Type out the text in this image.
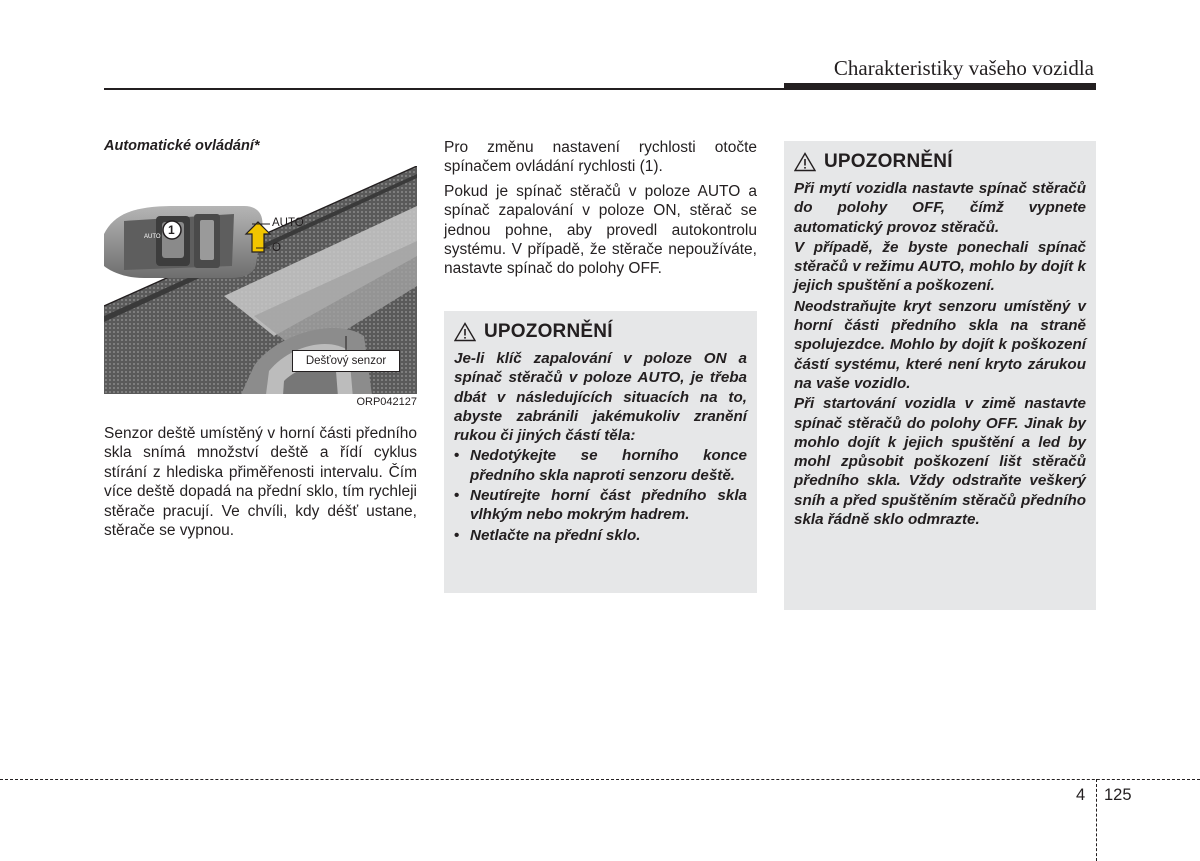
Charakteristiky vašeho vozidla
Automatické ovládání*
AUTO 1	AUTO
O
Dešťový senzor
ORP042127

Senzor deště umístěný v horní části předního skla snímá množství deště a řídí cyklus stírání z hlediska přiměřenosti intervalu. Čím více deště dopadá na přední sklo, tím rychleji stěrače pracují. Ve chvíli, kdy déšť ustane, stěrače se vypnou.

Pro změnu nastavení rychlosti otočte spínačem ovládání rychlosti (1).

Pokud je spínač stěračů v poloze AUTO a spínač zapalování v poloze ON, stěrač se jednou pohne, aby provedl autokontrolu systému. V případě, že stěrače nepoužíváte, nastavte spínač do polohy OFF.

UPOZORNĚNÍ

Je-li klíč zapalování v poloze ON a spínač stěračů v poloze AUTO, je třeba dbát v následujících situacích na to, abyste zabránili jakémukoliv zranění rukou či jiných částí těla:

• Nedotýkejte se horního konce předního skla naproti senzoru deště.
• Neutírejte horní část předního skla vlhkým nebo mokrým hadrem.
• Netlačte na přední sklo.
UPOZORNĚNÍ

Při mytí vozidla nastavte spínač stěračů do polohy OFF, čímž vypnete automatický provoz stěračů.

V případě, že byste ponechali spínač stěračů v režimu AUTO, mohlo by dojít k jejich spuštění a poškození.

Neodstraňujte kryt senzoru umístěný v horní části předního skla na straně spolujezdce. Mohlo by dojít k poškození částí systému, které není kryto zárukou na vaše vozidlo.

Při startování vozidla v zimě nastavte spínač stěračů do polohy OFF. Jinak by mohlo dojít k jejich spuštění a led by mohl způsobit poškození lišt stěračů předního skla. Vždy odstraňte veškerý sníh a před spuštěním stěračů předního skla řádně sklo odmrazte.

4 125
